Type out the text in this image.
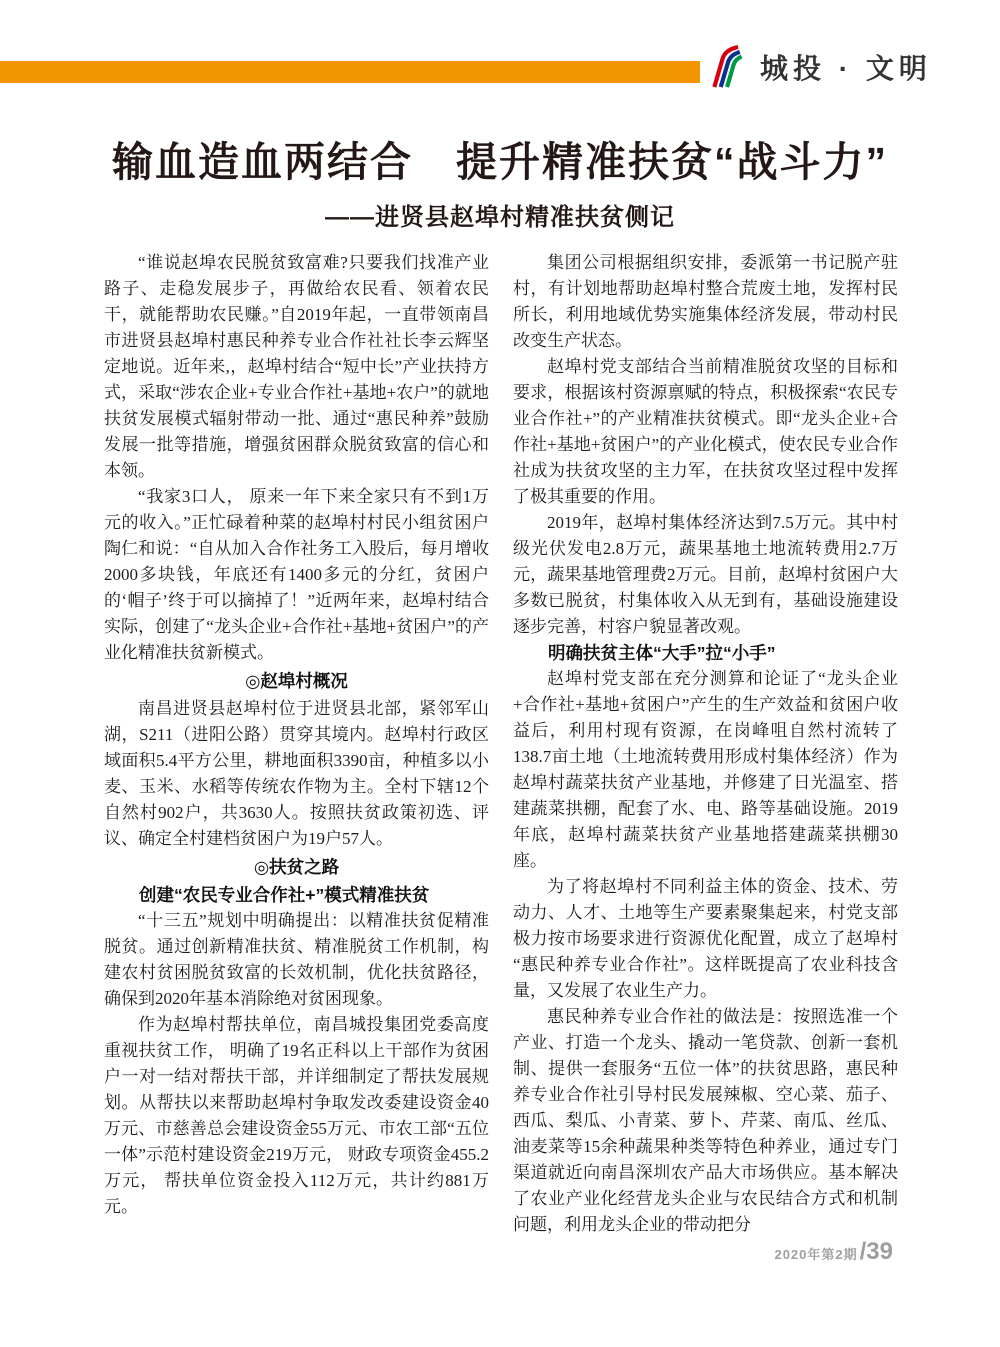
城投 · 文明
输血造血两结合　提升精准扶贫“战斗力”
——进贤县赵埠村精准扶贫侧记

“谁说赵埠农民脱贫致富难?只要我们找准产业路子、走稳发展步子，再做给农民看、领着农民干，就能帮助农民赚。”自2019年起，一直带领南昌市进贤县赵埠村惠民种养专业合作社社长李云辉坚定地说。近年来,，赵埠村结合“短中长”产业扶持方式，采取“涉农企业+专业合作社+基地+农户”的就地扶贫发展模式辐射带动一批、通过“惠民种养”鼓励发展一批等措施，增强贫困群众脱贫致富的信心和本领。

“我家3口人， 原来一年下来全家只有不到1万元的收入。”正忙碌着种菜的赵埠村村民小组贫困户陶仁和说：“自从加入合作社务工入股后，每月增收2000多块钱，年底还有1400多元的分红，贫困户的‘帽子’终于可以摘掉了！”近两年来，赵埠村结合实际，创建了“龙头企业+合作社+基地+贫困户”的产业化精准扶贫新模式。

◎赵埠村概况

南昌进贤县赵埠村位于进贤县北部，紧邻军山湖，S211（进阳公路）贯穿其境内。赵埠村行政区域面积5.4平方公里，耕地面积3390亩，种植多以小麦、玉米、水稻等传统农作物为主。全村下辖12个自然村902户，共3630人。按照扶贫政策初选、评议、确定全村建档贫困户为19户57人。

◎扶贫之路

创建“农民专业合作社+”模式精准扶贫

“十三五”规划中明确提出：以精准扶贫促精准脱贫。通过创新精准扶贫、精准脱贫工作机制，构建农村贫困脱贫致富的长效机制，优化扶贫路径， 确保到2020年基本消除绝对贫困现象。

作为赵埠村帮扶单位，南昌城投集团党委高度重视扶贫工作， 明确了19名正科以上干部作为贫困户一对一结对帮扶干部，并详细制定了帮扶发展规划。从帮扶以来帮助赵埠村争取发改委建设资金40万元、市慈善总会建设资金55万元、市农工部“五位一体”示范村建设资金219万元， 财政专项资金455.2万元， 帮扶单位资金投入112万元，共计约881万元。

集团公司根据组织安排，委派第一书记脱产驻村，有计划地帮助赵埠村整合荒废土地，发挥村民所长，利用地域优势实施集体经济发展，带动村民改变生产状态。

赵埠村党支部结合当前精准脱贫攻坚的目标和要求，根据该村资源禀赋的特点，积极探索“农民专业合作社+”的产业精准扶贫模式。即“龙头企业+合作社+基地+贫困户”的产业化模式，使农民专业合作社成为扶贫攻坚的主力军，在扶贫攻坚过程中发挥了极其重要的作用。

2019年，赵埠村集体经济达到7.5万元。其中村级光伏发电2.8万元，蔬果基地土地流转费用2.7万元，蔬果基地管理费2万元。目前，赵埠村贫困户大多数已脱贫，村集体收入从无到有，基础设施建设逐步完善，村容户貌显著改观。

明确扶贫主体“大手”拉“小手”

赵埠村党支部在充分测算和论证了“龙头企业+合作社+基地+贫困户”产生的生产效益和贫困户收益后，利用村现有资源，在岗峰咀自然村流转了138.7亩土地（土地流转费用形成村集体经济）作为赵埠村蔬菜扶贫产业基地，并修建了日光温室、搭建蔬菜拱棚，配套了水、电、路等基础设施。2019年底，赵埠村蔬菜扶贫产业基地搭建蔬菜拱棚30座。

为了将赵埠村不同利益主体的资金、技术、劳动力、人才、土地等生产要素聚集起来，村党支部极力按市场要求进行资源优化配置，成立了赵埠村“惠民种养专业合作社”。这样既提高了农业科技含量，又发展了农业生产力。

惠民种养专业合作社的做法是：按照选准一个产业、打造一个龙头、撬动一笔贷款、创新一套机制、提供一套服务“五位一体”的扶贫思路，惠民种养专业合作社引导村民发展辣椒、空心菜、茄子、西瓜、梨瓜、小青菜、萝卜、芹菜、南瓜、丝瓜、油麦菜等15余种蔬果种类等特色种养业，通过专门渠道就近向南昌深圳农产品大市场供应。基本解决了农业产业化经营龙头企业与农民结合方式和机制问题，利用龙头企业的带动把分

2020年第2期 /39
